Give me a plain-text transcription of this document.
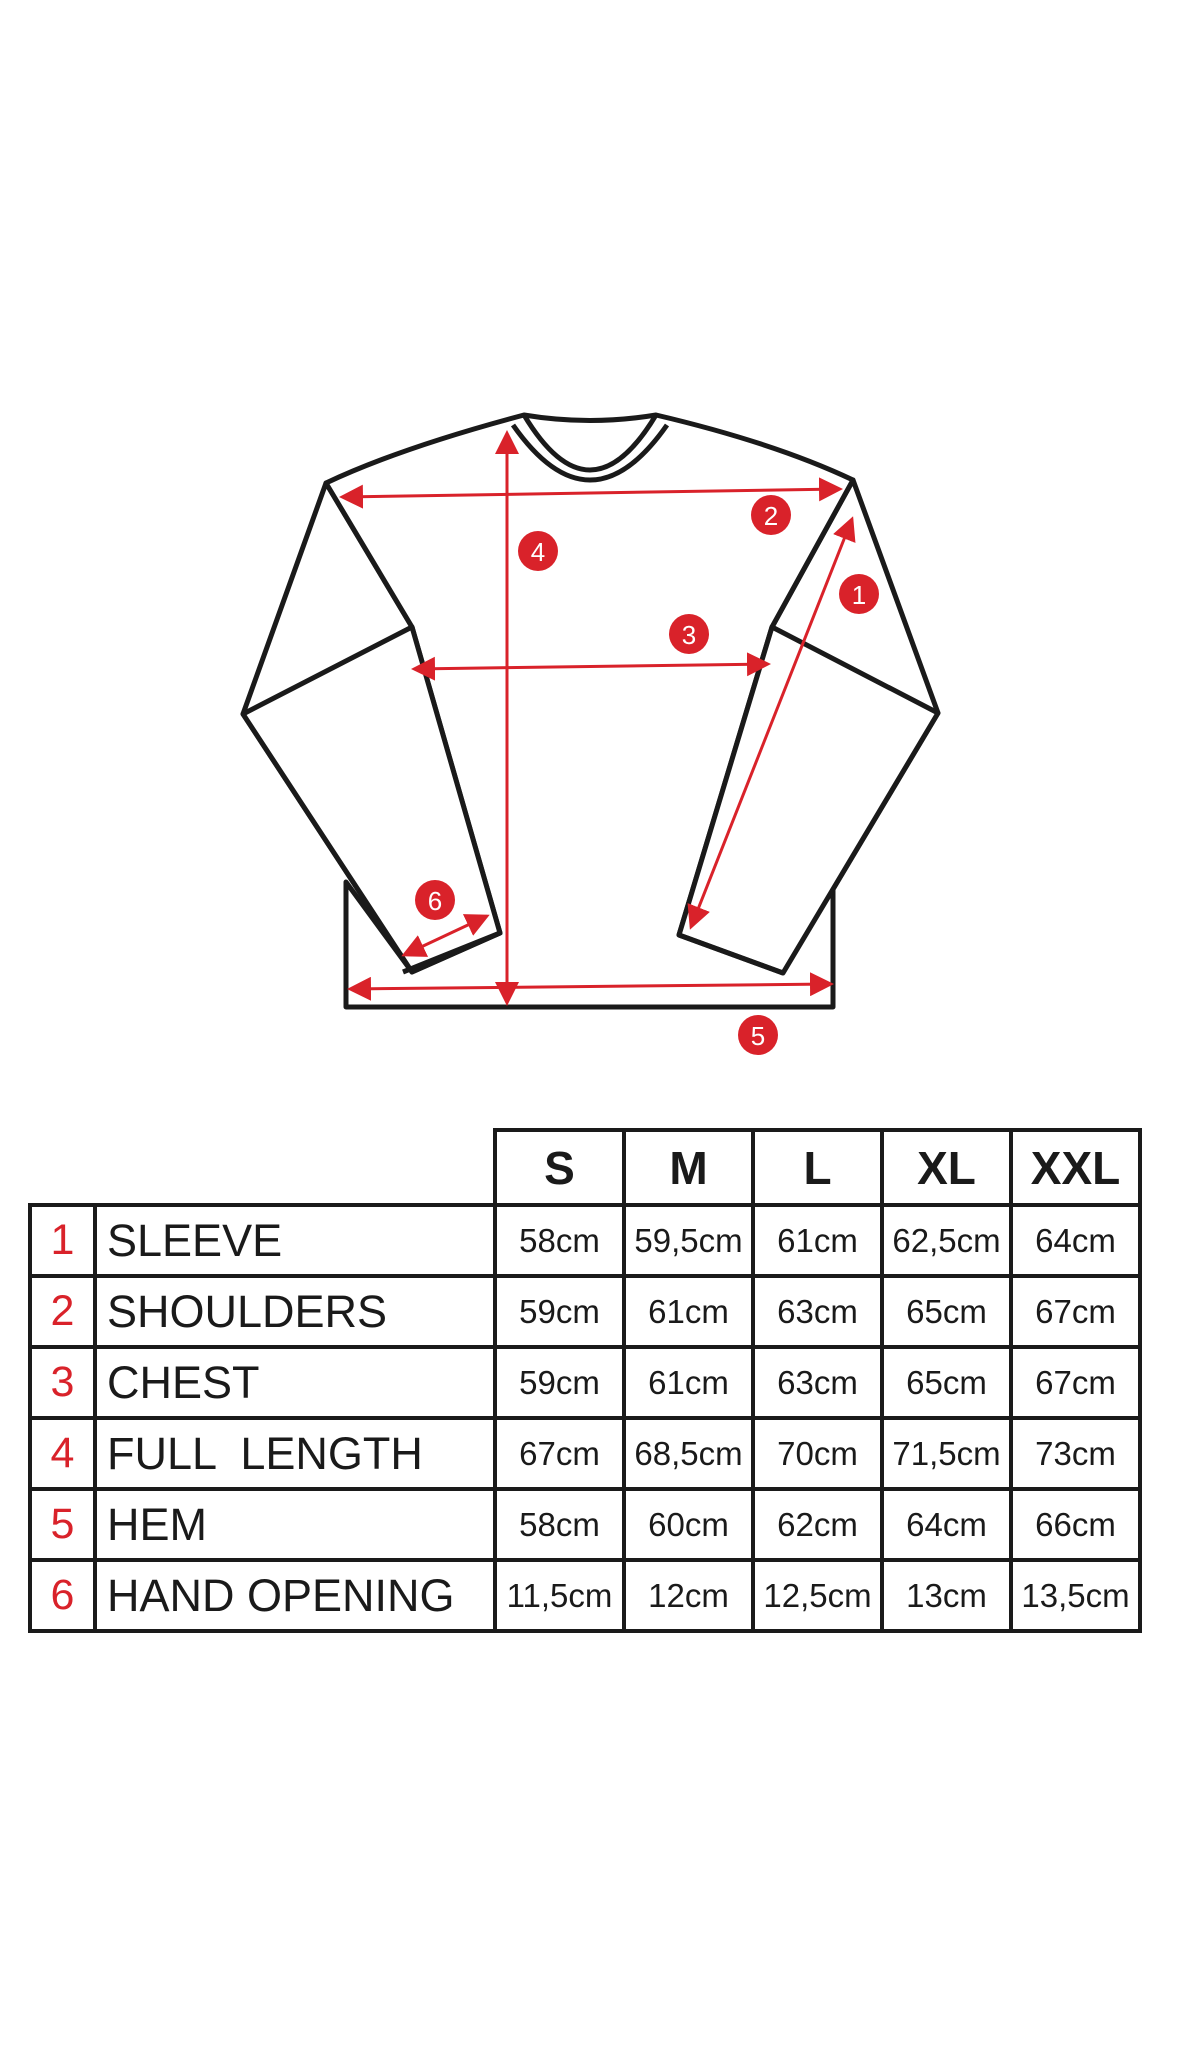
1
2
3
4
5
6
		S	M	L	XL	XXL
1	SLEEVE	58cm	59,5cm	61cm	62,5cm	64cm
2	SHOULDERS	59cm	61cm	63cm	65cm	67cm
3	CHEST	59cm	61cm	63cm	65cm	67cm
4	FULL  LENGTH	67cm	68,5cm	70cm	71,5cm	73cm
5	HEM	58cm	60cm	62cm	64cm	66cm
6	HAND OPENING	11,5cm	12cm	12,5cm	13cm	13,5cm
